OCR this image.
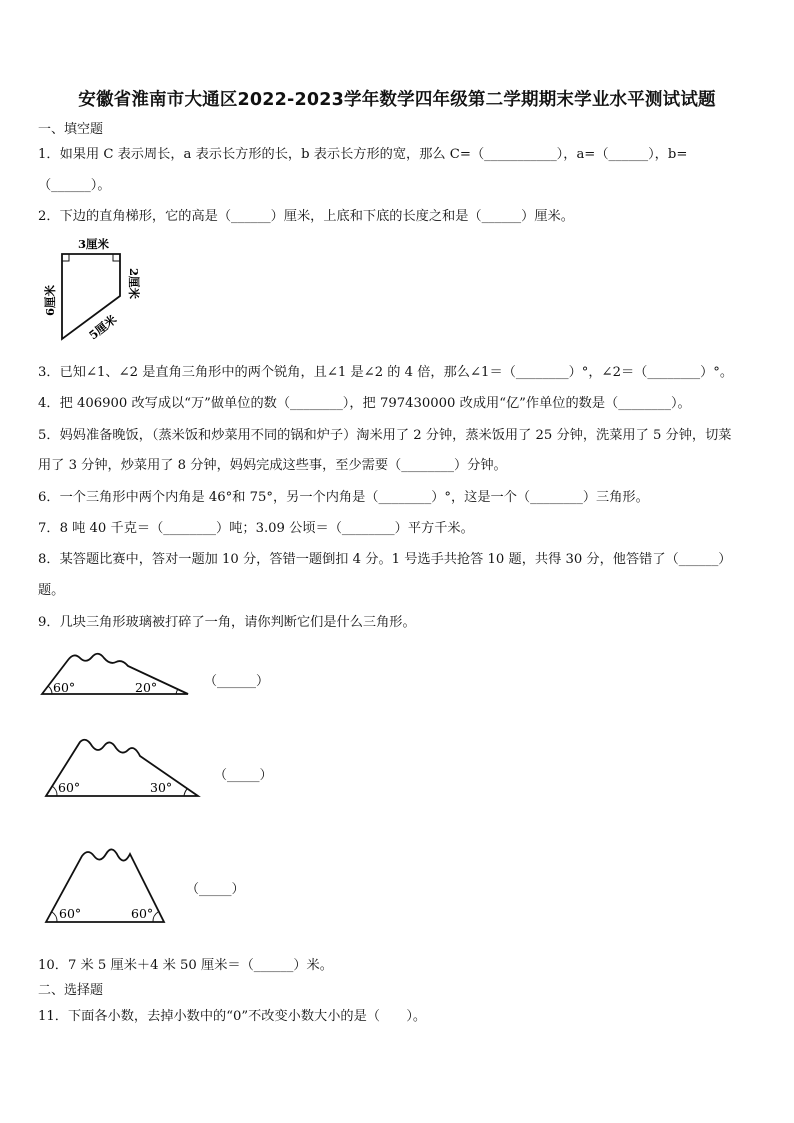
安徽省淮南市大通区2022-2023学年数学四年级第二学期期末学业水平测试试题
一、填空题
1．如果用 C 表示周长，a 表示长方形的长，b 表示长方形的宽，那么 C=（___________），a=（______），b=
（______）。
2．下边的直角梯形，它的高是（______）厘米，上底和下底的长度之和是（______）厘米。
3厘米
6厘米
2厘米
5厘米
3．已知∠1、∠2 是直角三角形中的两个锐角，且∠1 是∠2 的 4 倍，那么∠1＝（________）°，∠2＝（________）°。
4．把 406900 改写成以“万”做单位的数（________），把 797430000 改成用“亿”作单位的数是（________）。
5．妈妈准备晚饭，（蒸米饭和炒菜用不同的锅和炉子）淘米用了 2 分钟，蒸米饭用了 25 分钟，洗菜用了 5 分钟，切菜
用了 3 分钟，炒菜用了 8 分钟，妈妈完成这些事，至少需要（________）分钟。
6．一个三角形中两个内角是 46°和 75°，另一个内角是（________）°，这是一个（________）三角形。
7．8 吨 40 千克＝（________）吨；3.09 公顷＝（________）平方千米。
8．某答题比赛中，答对一题加 10 分，答错一题倒扣 4 分。1 号选手共抢答 10 题，共得 30 分，他答错了（______）
题。
9．几块三角形玻璃被打碎了一角，请你判断它们是什么三角形。
60°	20°	（______）
60°	30°
（_____）
60°	60°
（_____）
10．7 米 5 厘米＋4 米 50 厘米＝（______）米。
二、选择题
11．下面各小数，去掉小数中的“0”不改变小数大小的是（　　）。
